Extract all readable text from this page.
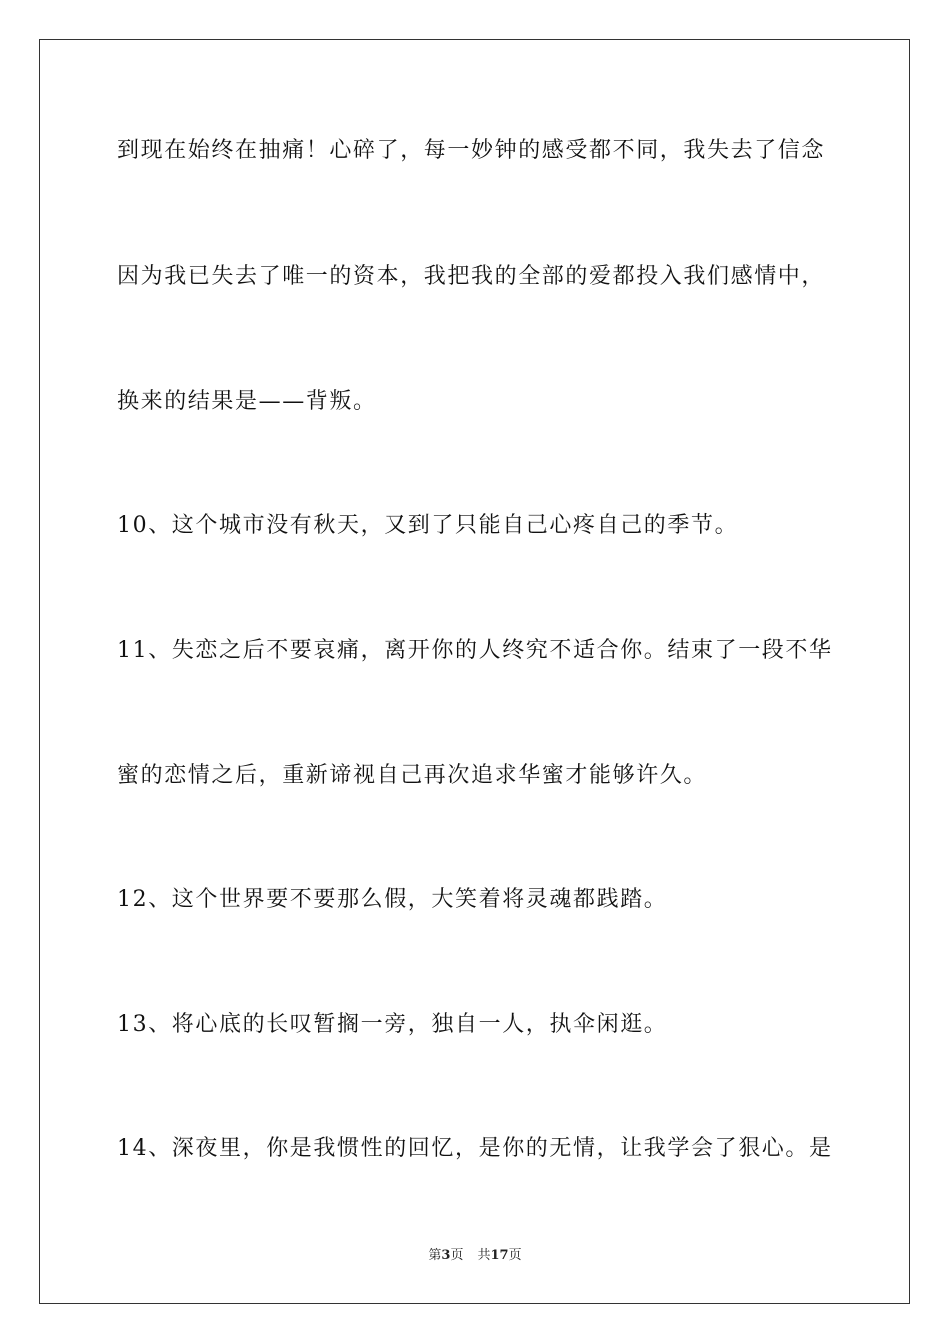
到现在始终在抽痛！心碎了，每一妙钟的感受都不同，我失去了信念
因为我已失去了唯一的资本，我把我的全部的爱都投入我们感情中，
换来的结果是——背叛。
10、这个城市没有秋天，又到了只能自己心疼自己的季节。
11、失恋之后不要哀痛，离开你的人终究不适合你。结束了一段不华
蜜的恋情之后，重新谛视自己再次追求华蜜才能够许久。
12、这个世界要不要那么假，大笑着将灵魂都践踏。
13、将心底的长叹暂搁一旁，独自一人，执伞闲逛。
14、深夜里，你是我惯性的回忆，是你的无情，让我学会了狠心。是
第3页 共17页
